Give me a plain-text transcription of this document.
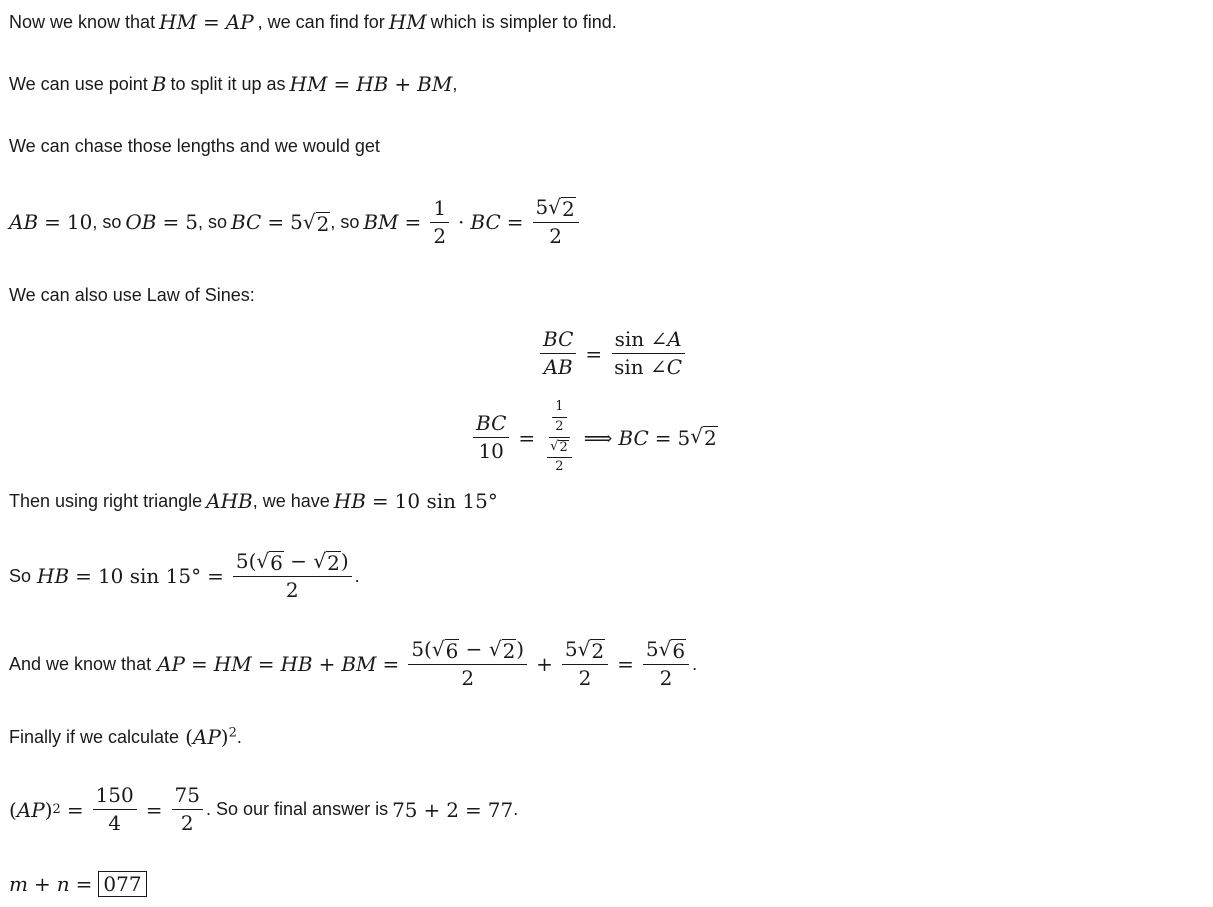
Now we know that HM = AP , we can find for HM which is simpler to find.
We can use point B to split it up as HM = HB + BM ,
We can chase those lengths and we would get
AB = 10 , so OB = 5 , so BC = 5 √ 2 , so BM = $\frac{1}{2}$ · BC = $\frac{5 √ 2}{2}$
We can also use Law of Sines:
$\frac{BC}{AB} = \frac{\sin \angle A}{\sin \angle C}$
$\frac{BC}{10} = \frac{\frac{1}{2}}{\frac{√ 2}{2}}$ ⟹ BC = 5 √ 2
Then using right triangle AHB , we have HB = 10 sin 15°
So HB = 10 $\sin 15^\circ = \frac{5( √ 6 - √ 2 )}{2}$ .
And we know that AP = HM = HB + BM = $\frac{5( √ 6 - √ 2 )}{2} + \frac{5 √ 2}{2} = \frac{5 √ 6}{2}$ .
Finally if we calculate (AP)$^2$ .
( AP ) $2 = \frac{150}{4} = \frac{75}{2}$ . So our final answer is 75 + 2 = 77 .
m + n = 077
